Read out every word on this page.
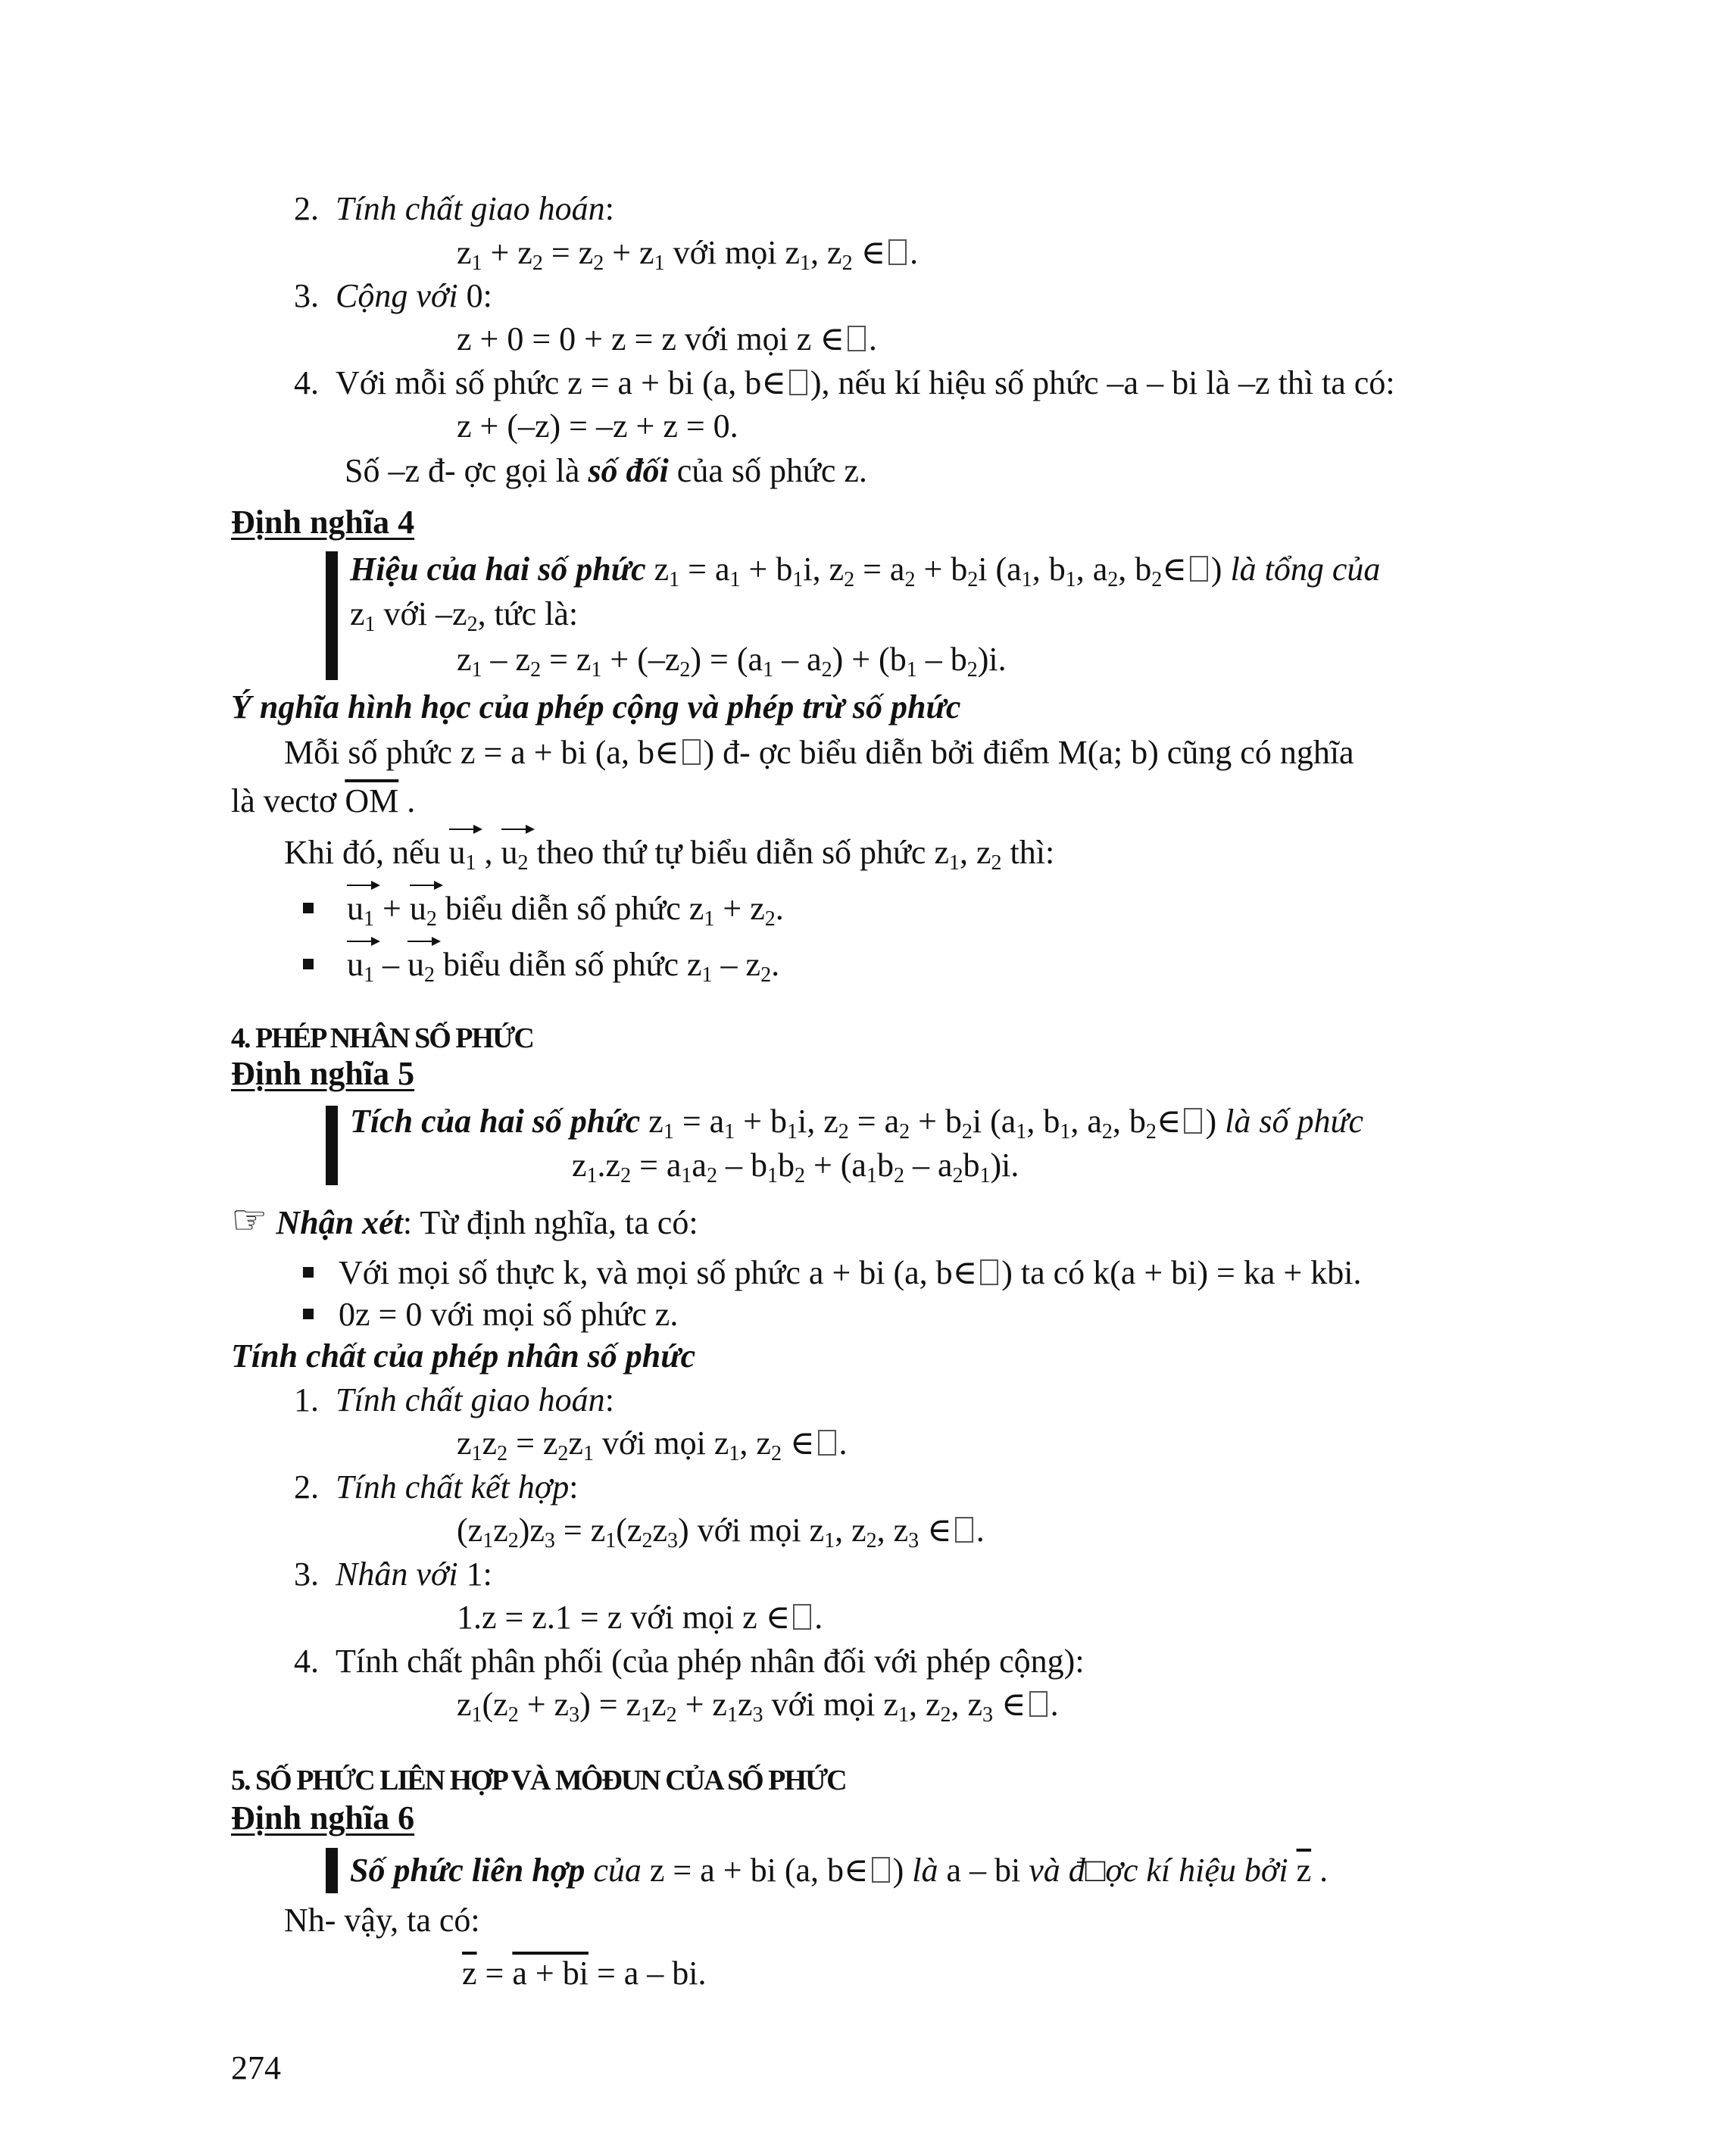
2. Tính chất giao hoán:
$z_1 + z_2 = z_2 + z_1$ với mọi $z_1$, $z_2$ ∈ .
3. Cộng với 0:
z + 0 = 0 + z = z với mọi z ∈ .
4. Với mỗi số phức z = a + bi (a, b∈ ), nếu kí hiệu số phức –a – bi là –z thì ta có:
z + (–z) = –z + z = 0.
Số –z đ- ợc gọi là số đối của số phức z.
Định nghĩa 4
Hiệu của hai số phức $z_1 = a_1 + b_1i$, $z_2 = a_2 + b_2i$ ($a_1$, $b_1$, $a_2$, $b_2\in$ ) là tổng của
$z_1$ với $-z_2$, tức là:
$z_1 - z_2 = z_1 + (-z_2) = (a_1 - a_2) + (b_1 - b_2)i$.
Ý nghĩa hình học của phép cộng và phép trừ số phức
Mỗi số phức z = a + bi (a, b∈ ) đ- ợc biểu diễn bởi điểm M(a; b) cũng có nghĩa
là vectơ $\overline{OM}$ .
Khi đó, nếu $u_1$ , $u_2$ theo thứ tự biểu diễn số phức $z_1$, $z_2$ thì:
$u_1 + u_2$ biểu diễn số phức $z_1 + z_2$.
$u_1 - u_2$ biểu diễn số phức $z_1 - z_2$.
4. PHÉP NHÂN SỐ PHỨC
Định nghĩa 5
Tích của hai số phức $z_1 = a_1 + b_1i$, $z_2 = a_2 + b_2i$ ($a_1$, $b_1$, $a_2$, $b_2\in$ ) là số phức
$z_1.z_2 = a_1a_2 - b_1b_2 + (a_1b_2 - a_2b_1)i$.
☞ Nhận xét: Từ định nghĩa, ta có:
Với mọi số thực k, và mọi số phức a + bi (a, b∈ ) ta có k(a + bi) = ka + kbi.
0z = 0 với mọi số phức z.
Tính chất của phép nhân số phức
1. Tính chất giao hoán:
$z_1z_2 = z_2z_1$ với mọi $z_1$, $z_2$ ∈ .
2. Tính chất kết hợp:
$(z_1z_2)z_3 = z_1(z_2z_3)$ với mọi $z_1$, $z_2$, $z_3$ ∈ .
3. Nhân với 1:
1.z = z.1 = z với mọi z ∈ .
4. Tính chất phân phối (của phép nhân đối với phép cộng):
$z_1(z_2 + z_3) = z_1z_2 + z_1z_3$ với mọi $z_1$, $z_2$, $z_3$ ∈ .
5. SỐ PHỨC LIÊN HỢP VÀ MÔĐUN CỦA SỐ PHỨC
Định nghĩa 6
Số phức liên hợp của z = a + bi (a, b∈ ) là a – bi và đ□ợc kí hiệu bởi $\overline{z}$ .
Nh- vậy, ta có:
$\overline{z} = a$ + bi = a – bi.
274
